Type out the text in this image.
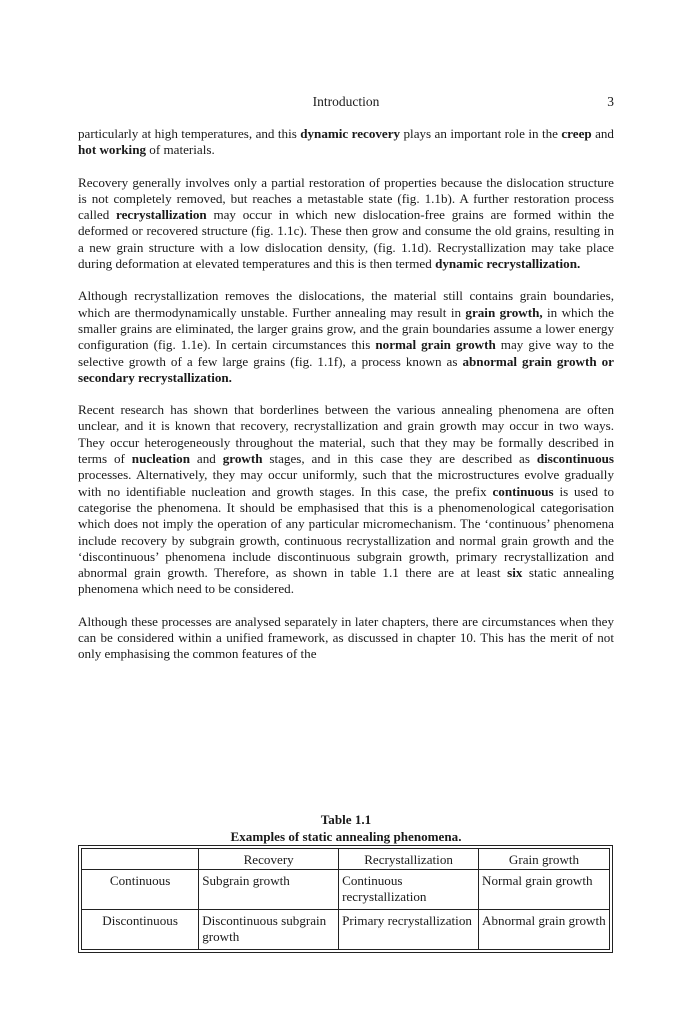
Introduction	3

particularly at high temperatures, and this dynamic recovery plays an important role in the creep and hot working of materials.

Recovery generally involves only a partial restoration of properties because the dislocation structure is not completely removed, but reaches a metastable state (fig. 1.1b). A further restoration process called recrystallization may occur in which new dislocation-free grains are formed within the deformed or recovered structure (fig. 1.1c). These then grow and consume the old grains, resulting in a new grain structure with a low dislocation density, (fig. 1.1d). Recrystallization may take place during deformation at elevated temperatures and this is then termed dynamic recrystallization.

Although recrystallization removes the dislocations, the material still contains grain boundaries, which are thermodynamically unstable. Further annealing may result in grain growth, in which the smaller grains are eliminated, the larger grains grow, and the grain boundaries assume a lower energy configuration (fig. 1.1e). In certain circumstances this normal grain growth may give way to the selective growth of a few large grains (fig. 1.1f), a process known as abnormal grain growth or secondary recrystallization.

Recent research has shown that borderlines between the various annealing phenomena are often unclear, and it is known that recovery, recrystallization and grain growth may occur in two ways. They occur heterogeneously throughout the material, such that they may be formally described in terms of nucleation and growth stages, and in this case they are described as discontinuous processes. Alternatively, they may occur uniformly, such that the microstructures evolve gradually with no identifiable nucleation and growth stages. In this case, the prefix continuous is used to categorise the phenomena. It should be emphasised that this is a phenomenological categorisation which does not imply the operation of any particular micromechanism. The ‘continuous’ phenomena include recovery by subgrain growth, continuous recrystallization and normal grain growth and the ‘discontinuous’ phenomena include discontinuous subgrain growth, primary recrystallization and abnormal grain growth. Therefore, as shown in table 1.1 there are at least six static annealing phenomena which need to be considered.

Although these processes are analysed separately in later chapters, there are circumstances when they can be considered within a unified framework, as discussed in chapter 10. This has the merit of not only emphasising the common features of the

Table 1.1
Examples of static annealing phenomena.
	Recovery	Recrystallization	Grain growth
Continuous	Subgrain growth	Continuous recrystallization	Normal grain growth
Discontinuous	Discontinuous subgrain growth	Primary recrystallization	Abnormal grain growth
